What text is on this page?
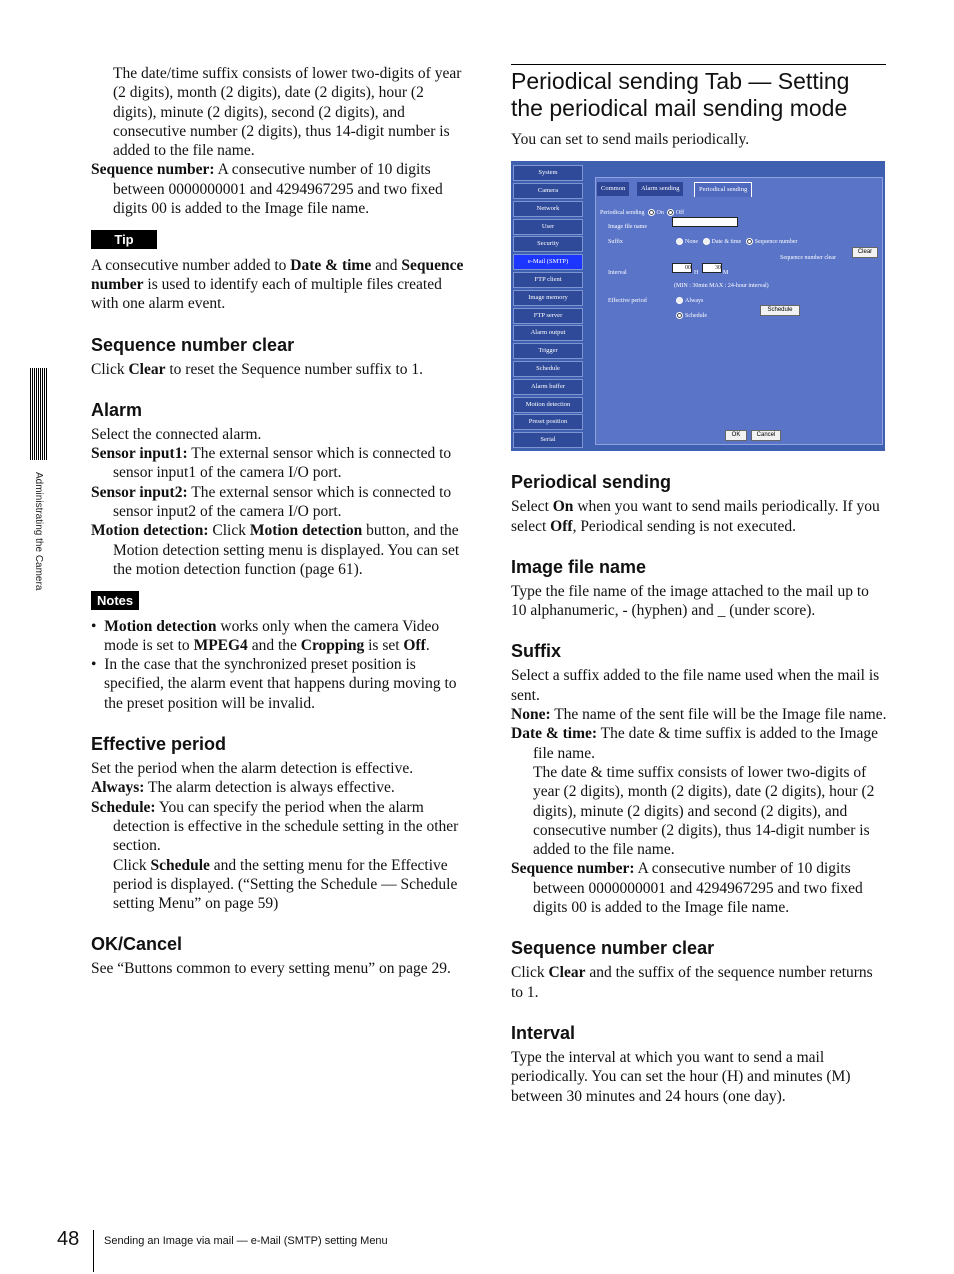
Administrating the Camera

The date/time suffix consists of lower two-digits of year (2 digits), month (2 digits), date (2 digits), hour (2 digits), minute (2 digits), second (2 digits), and consecutive number (2 digits), thus 14-digit number is added to the file name.

Sequence number: A consecutive number of 10 digits between 0000000001 and 4294967295 and two fixed digits 00 is added to the Image file name.

Tip

A consecutive number added to Date & time and Sequence number is used to identify each of multiple files created with one alarm event.

Sequence number clear

Click Clear to reset the Sequence number suffix to 1.

Alarm

Select the connected alarm.

Sensor input1: The external sensor which is connected to sensor input1 of the camera I/O port.

Sensor input2: The external sensor which is connected to sensor input2 of the camera I/O port.

Motion detection: Click Motion detection button, and the Motion detection setting menu is displayed. You can set the motion detection function (page 61).

Notes
•  Motion detection works only when the camera Video mode is set to MPEG4 and the Cropping is set Off.
•  In the case that the synchronized preset position is specified, the alarm event that happens during moving to the preset position will be invalid.
Effective period

Set the period when the alarm detection is effective.

Always: The alarm detection is always effective.

Schedule: You can specify the period when the alarm detection is effective in the schedule setting in the other section.

Click Schedule and the setting menu for the Effective period is displayed. (“Setting the Schedule — Schedule setting Menu” on page 59)

OK/Cancel

See “Buttons common to every setting menu” on page 29.

Periodical sending Tab — Setting the periodical mail sending mode

You can set to send mails periodically.

System
Camera
Network
User
Security
e-Mail (SMTP)
FTP client
Image memory
FTP server
Alarm output
Trigger
Schedule
Alarm buffer
Motion detection
Preset position
Serial
Common	Alarm sending	Periodical sending
Periodical sending On Off
Image file name
Suffix	None Date & time Sequence number
Sequence number clear
Clear
Interval
00
H
30
M
(MIN : 30min MAX : 24-hour interval)
Effective period	Always
Schedule
Schedule
OK	Cancel
Periodical sending

Select On when you want to send mails periodically. If you select Off, Periodical sending is not executed.

Image file name

Type the file name of the image attached to the mail up to 10 alphanumeric, - (hyphen) and _ (under score).

Suffix

Select a suffix added to the file name used when the mail is sent.

None: The name of the sent file will be the Image file name.

Date & time: The date & time suffix is added to the Image file name.

The date & time suffix consists of lower two-digits of year (2 digits), month (2 digits), date (2 digits), hour (2 digits), minute (2 digits) and second (2 digits), and consecutive number (2 digits), thus 14-digit number is added to the file name.

Sequence number: A consecutive number of 10 digits between 0000000001 and 4294967295 and two fixed digits 00 is added to the Image file name.

Sequence number clear

Click Clear and the suffix of the sequence number returns to 1.

Interval

Type the interval at which you want to send a mail periodically. You can set the hour (H) and minutes (M) between 30 minutes and 24 hours (one day).

48 Sending an Image via mail — e-Mail (SMTP) setting Menu
